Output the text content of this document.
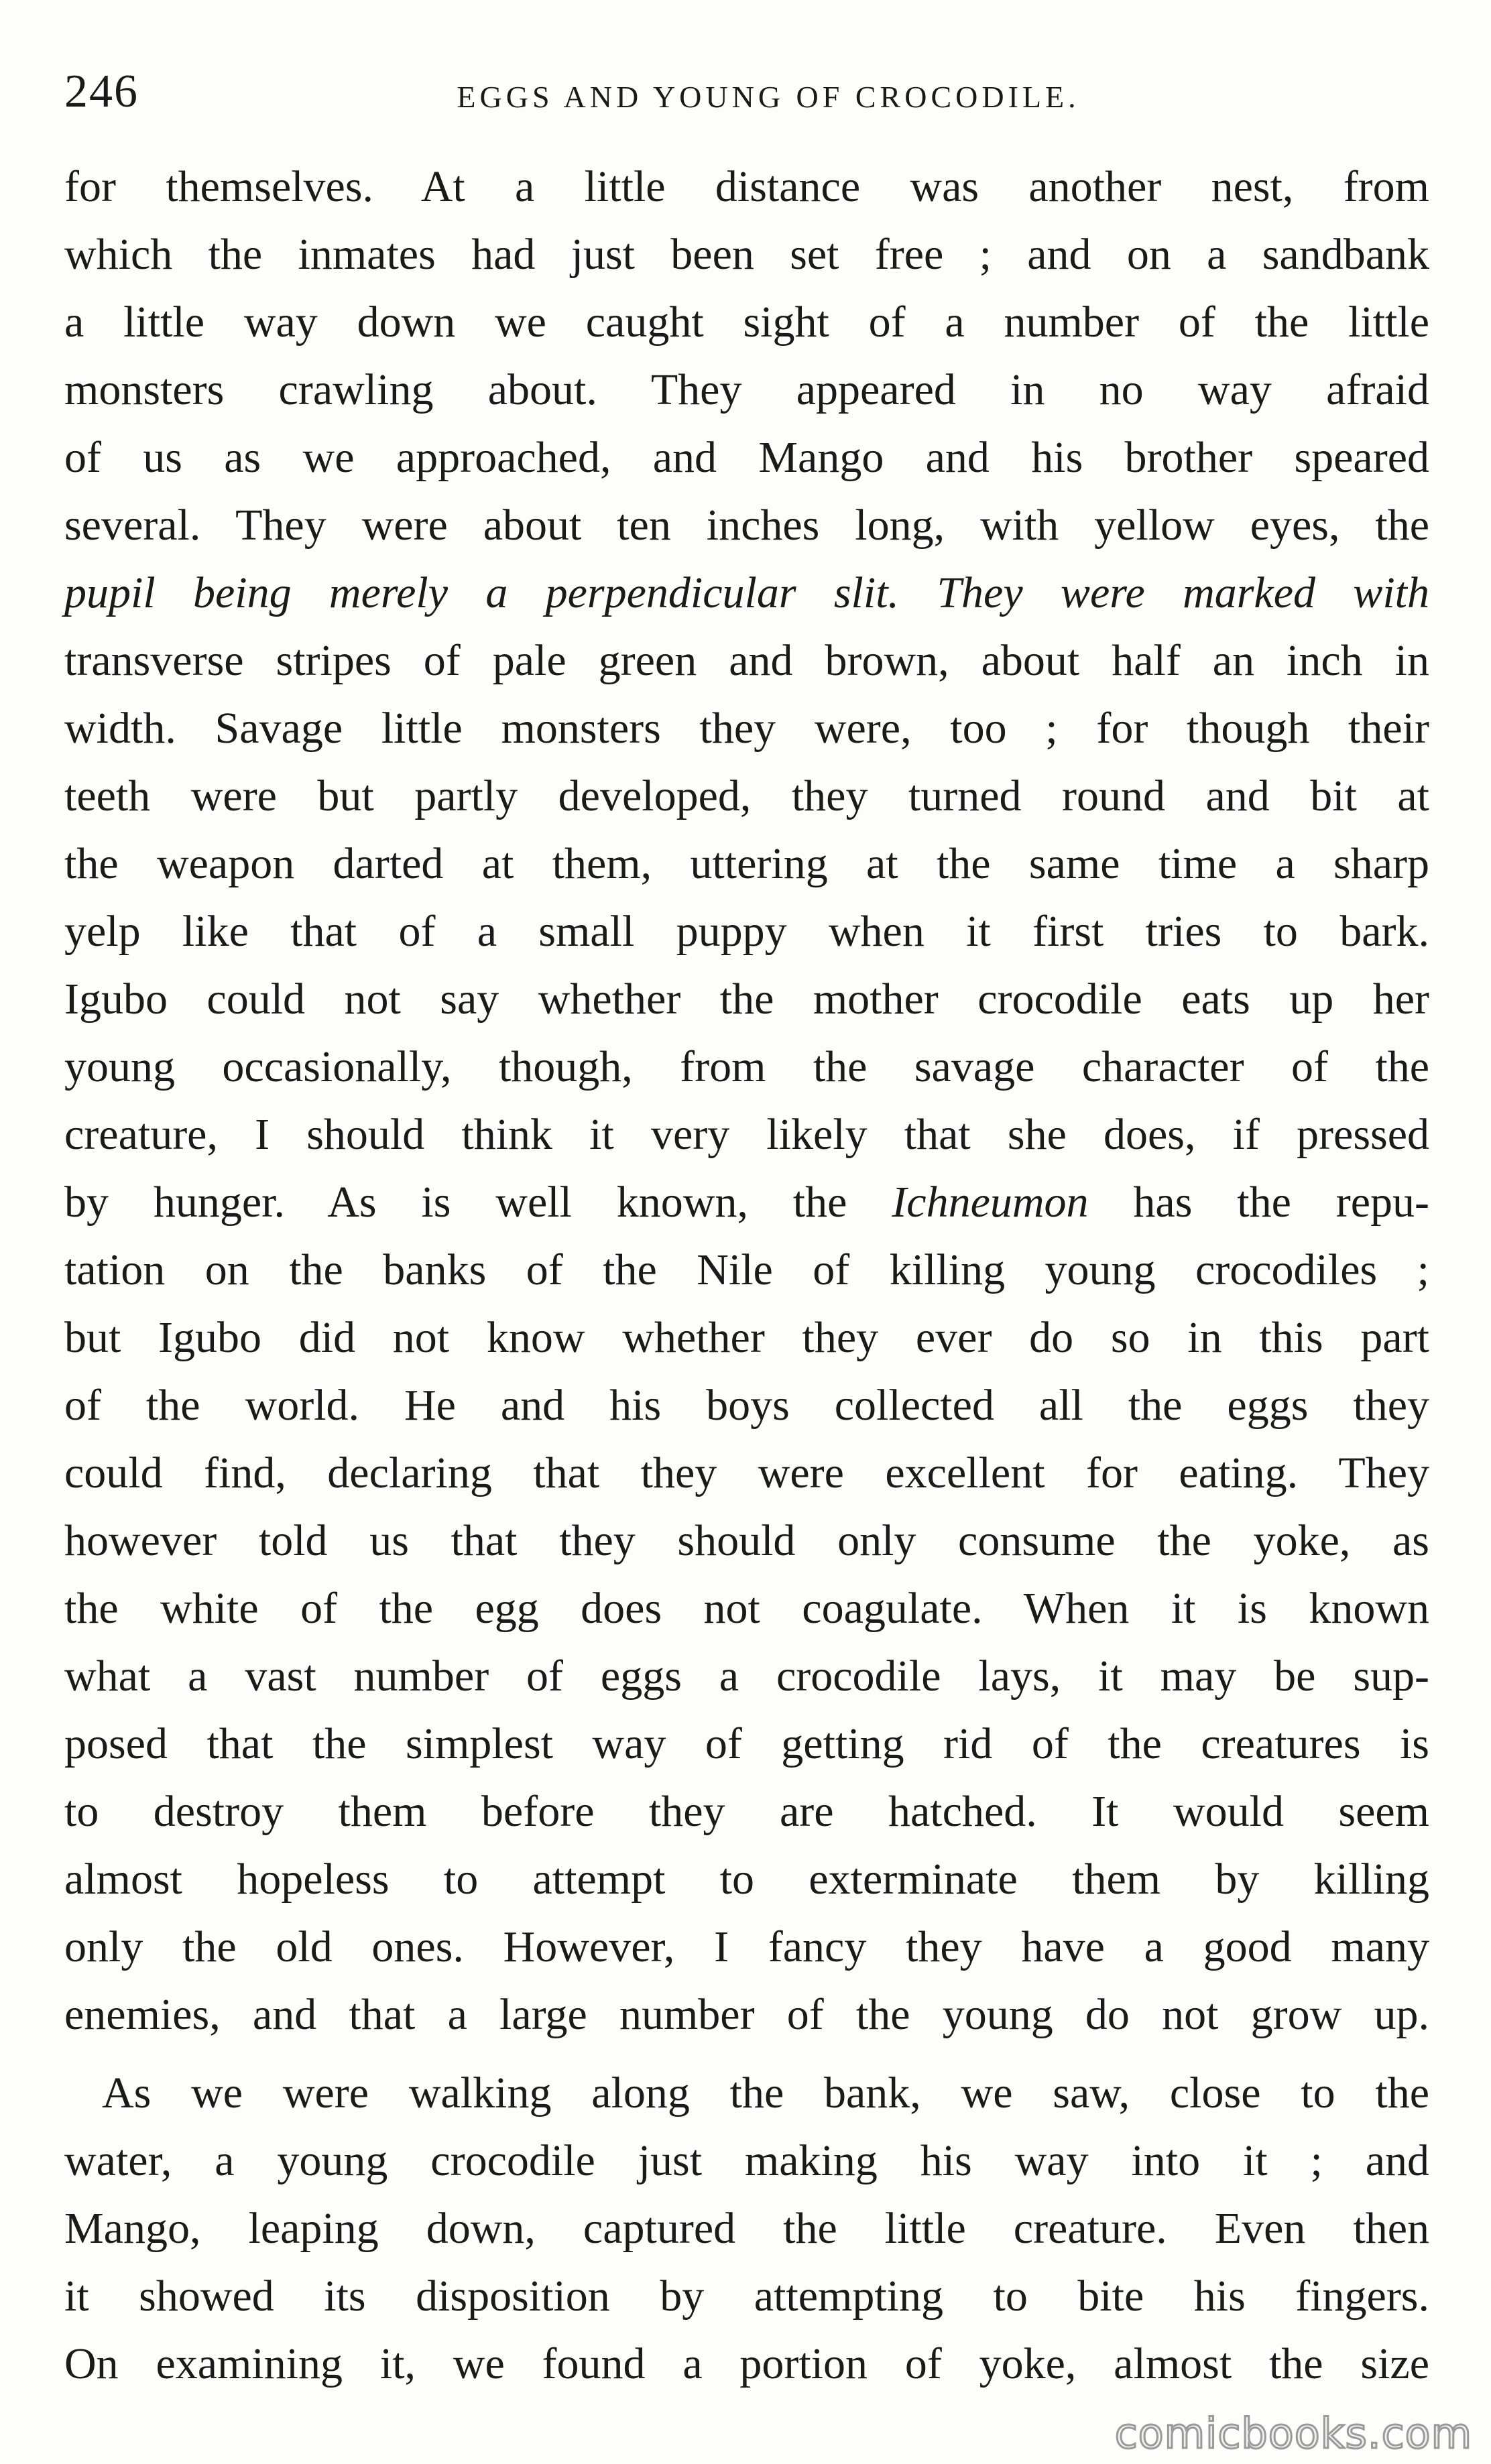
246	EGGS AND YOUNG OF CROCODILE.
for themselves. At a little distance was another nest, from
which the inmates had just been set free ; and on a sandbank
a little way down we caught sight of a number of the little
monsters crawling about. They appeared in no way afraid
of us as we approached, and Mango and his brother speared
several. They were about ten inches long, with yellow eyes, the
pupil being merely a perpendicular slit. They were marked with
transverse stripes of pale green and brown, about half an inch in
width. Savage little monsters they were, too ; for though their
teeth were but partly developed, they turned round and bit at
the weapon darted at them, uttering at the same time a sharp
yelp like that of a small puppy when it first tries to bark.
Igubo could not say whether the mother crocodile eats up her
young occasionally, though, from the savage character of the
creature, I should think it very likely that she does, if pressed
by hunger. As is well known, the Ichneumon has the repu-
tation on the banks of the Nile of killing young crocodiles ;
but Igubo did not know whether they ever do so in this part
of the world. He and his boys collected all the eggs they
could find, declaring that they were excellent for eating. They
however told us that they should only consume the yoke, as
the white of the egg does not coagulate. When it is known
what a vast number of eggs a crocodile lays, it may be sup-
posed that the simplest way of getting rid of the creatures is
to destroy them before they are hatched. It would seem
almost hopeless to attempt to exterminate them by killing
only the old ones. However, I fancy they have a good many
enemies, and that a large number of the young do not grow up.
As we were walking along the bank, we saw, close to the
water, a young crocodile just making his way into it ; and
Mango, leaping down, captured the little creature. Even then
it showed its disposition by attempting to bite his fingers.
On examining it, we found a portion of yoke, almost the size
comicbooks.com
